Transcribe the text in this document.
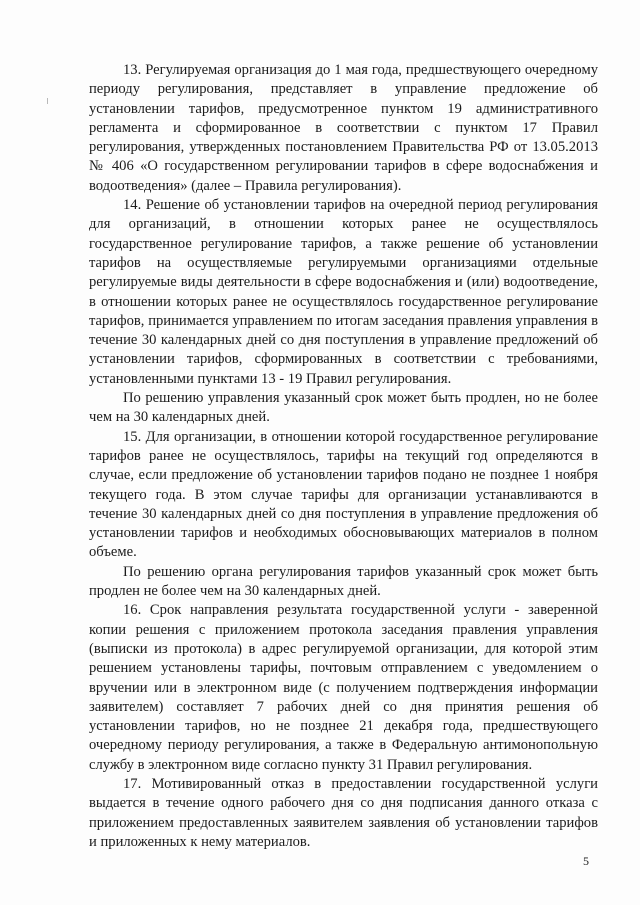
13. Регулируемая организация до 1 мая года, предшествующего очередному периоду регулирования, представляет в управление предложение об установлении тарифов, предусмотренное пунктом 19 административного регламента и сформированное в соответствии с пунктом 17 Правил регулирования, утвержденных постановлением Правительства РФ от 13.05.2013 № 406 «О государственном регулировании тарифов в сфере водоснабжения и водоотведения» (далее – Правила регулирования).

14. Решение об установлении тарифов на очередной период регулирования для организаций, в отношении которых ранее не осуществлялось государственное регулирование тарифов, а также решение об установлении тарифов на осуществляемые регулируемыми организациями отдельные регулируемые виды деятельности в сфере водоснабжения и (или) водоотведение, в отношении которых ранее не осуществлялось государственное регулирование тарифов, принимается управлением по итогам заседания правления управления в течение 30 календарных дней со дня поступления в управление предложений об установлении тарифов, сформированных в соответствии с требованиями, установленными пунктами 13 - 19 Правил регулирования.

По решению управления указанный срок может быть продлен, но не более чем на 30 календарных дней.

15. Для организации, в отношении которой государственное регулирование тарифов ранее не осуществлялось, тарифы на текущий год определяются в случае, если предложение об установлении тарифов подано не позднее 1 ноября текущего года. В этом случае тарифы для организации устанавливаются в течение 30 календарных дней со дня поступления в управление предложения об установлении тарифов и необходимых обосновывающих материалов в полном объеме.

По решению органа регулирования тарифов указанный срок может быть продлен не более чем на 30 календарных дней.

16. Срок направления результата государственной услуги - заверенной копии решения с приложением протокола заседания правления управления (выписки из протокола) в адрес регулируемой организации, для которой этим решением установлены тарифы, почтовым отправлением с уведомлением о вручении или в электронном виде (с получением подтверждения информации заявителем) составляет 7 рабочих дней со дня принятия решения об установлении тарифов, но не позднее 21 декабря года, предшествующего очередному периоду регулирования, а также в Федеральную антимонопольную службу в электронном виде согласно пункту 31 Правил регулирования.

17. Мотивированный отказ в предоставлении государственной услуги выдается в течение одного рабочего дня со дня подписания данного отказа с приложением предоставленных заявителем заявления об установлении тарифов и приложенных к нему материалов.

5
